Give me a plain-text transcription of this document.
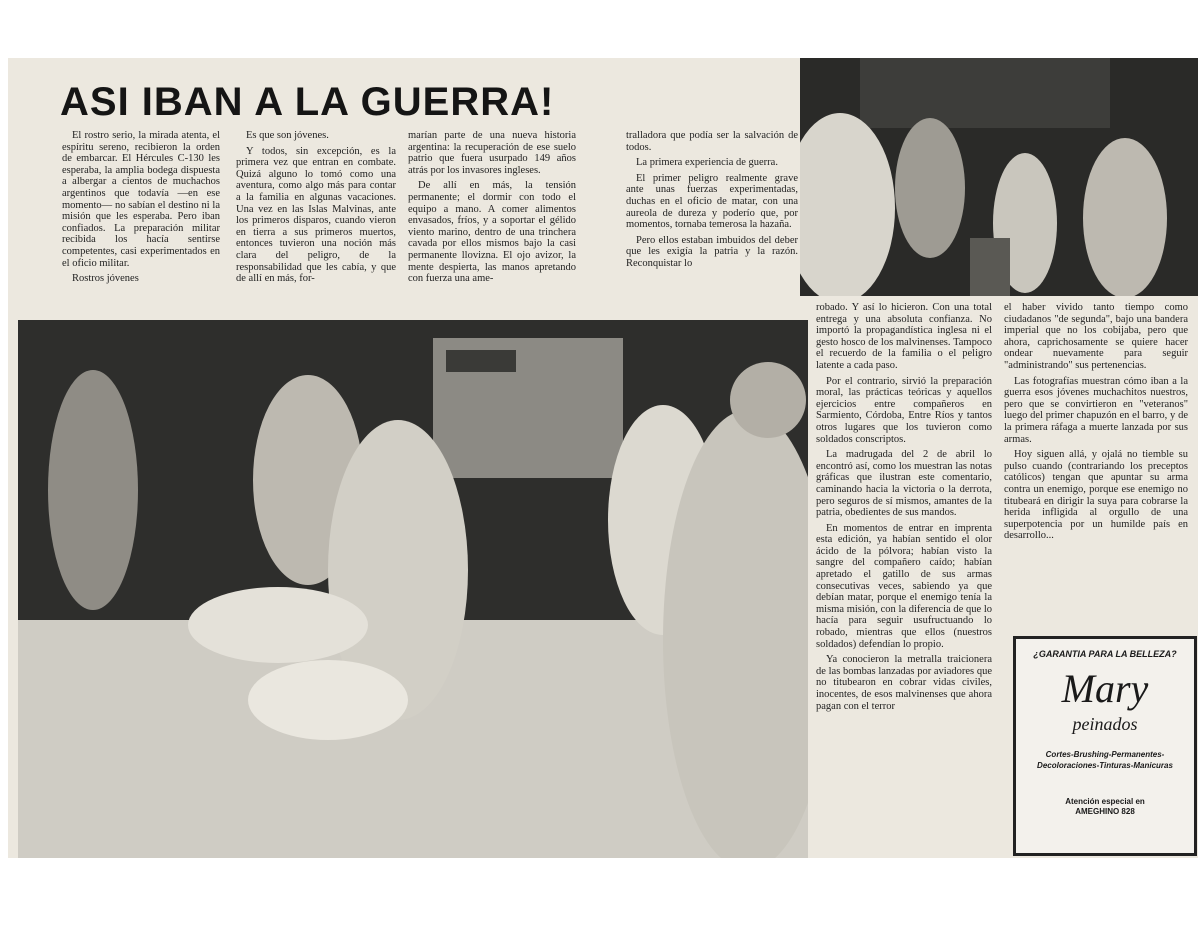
ASI IBAN A LA GUERRA!

El rostro serio, la mirada atenta, el espíritu sereno, recibieron la orden de embarcar. El Hércules C-130 les esperaba, la amplia bodega dispuesta a albergar a cientos de muchachos argentinos que todavía —en ese momento— no sabían el destino ni la misión que les esperaba. Pero iban confiados. La preparación militar recibida los hacía sentirse competentes, casi experimentados en el oficio militar.

Rostros jóvenes

Es que son jóvenes.

Y todos, sin excepción, es la primera vez que entran en combate. Quizá alguno lo tomó como una aventura, como algo más para contar a la familia en algunas vacaciones. Una vez en las Islas Malvinas, ante los primeros disparos, cuando vieron en tierra a sus primeros muertos, entonces tuvieron una noción más clara del peligro, de la responsabilidad que les cabía, y que de allí en más, for-

marían parte de una nueva historia argentina: la recuperación de ese suelo patrio que fuera usurpado 149 años atrás por los invasores ingleses.

De allí en más, la tensión permanente; el dormir con todo el equipo a mano. A comer alimentos envasados, fríos, y a soportar el gélido viento marino, dentro de una trinchera cavada por ellos mismos bajo la casi permanente lloviznа. El ojo avizor, la mente despierta, las manos apretando con fuerza una ame-

tralladora que podía ser la salvación de todos.

La primera experiencia de guerra.

El primer peligro realmente grave ante unas fuerzas experimentadas, duchas en el oficio de matar, con una aureola de dureza y poderío que, por momentos, tornaba temerosa la hazaña.

Pero ellos estaban imbuidos del deber que les exigía la patria y la razón. Reconquistar lo

robado. Y así lo hicieron. Con una total entrega y una absoluta confianza. No importó la propagandística inglesa ni el gesto hosco de los malvinenses. Tampoco el recuerdo de la familia o el peligro latente a cada paso.

Por el contrario, sirvió la preparación moral, las prácticas teóricas y aquellos ejercicios entre compañeros en Sarmiento, Córdoba, Entre Ríos y tantos otros lugares que los tuvieron como soldados conscriptos.

La madrugada del 2 de abril lo encontró así, como los muestran las notas gráficas que ilustran este comentario, caminando hacia la victoria o la derrota, pero seguros de sí mismos, amantes de la patria, obedientes de sus mandos.

En momentos de entrar en imprenta esta edición, ya habían sentido el olor ácido de la pólvora; habían visto la sangre del compañero caído; habían apretado el gatillo de sus armas consecutivas veces, sabiendo ya que debían matar, porque el enemigo tenía la misma misión, con la diferencia de que lo hacía para seguir usufructuando lo robado, mientras que ellos (nuestros soldados) defendían lo propio.

Ya conocieron la metralla traicionera de las bombas lanzadas por aviadores que no titubearon en cobrar vidas civiles, inocentes, de esos malvinenses que ahora pagan con el terror

el haber vivido tanto tiempo como ciudadanos "de segunda", bajo una bandera imperial que no los cobijaba, pero que ahora, caprichosamente se quiere hacer ondear nuevamente para seguir "administrando" sus pertenencias.

Las fotografías muestran cómo iban a la guerra esos jóvenes muchachitos nuestros, pero que se convirtieron en "veteranos" luego del primer chapuzón en el barro, y de la primera ráfaga a muerte lanzada por sus armas.

Hoy siguen allá, y ojalá no tiemble su pulso cuando (contrariando los preceptos católicos) tengan que apuntar su arma contra un enemigo, porque ese enemigo no titubeará en dirigir la suya para cobrarse la herida infligida al orgullo de una superpotencia por un humilde país en desarrollo...

¿GARANTIA PARA LA BELLEZA?
Mary
peinados
Cortes-Brushing-Permanentes-
Decoloraciones-Tinturas-Manicuras
Atención especial en
AMEGHINO 828
